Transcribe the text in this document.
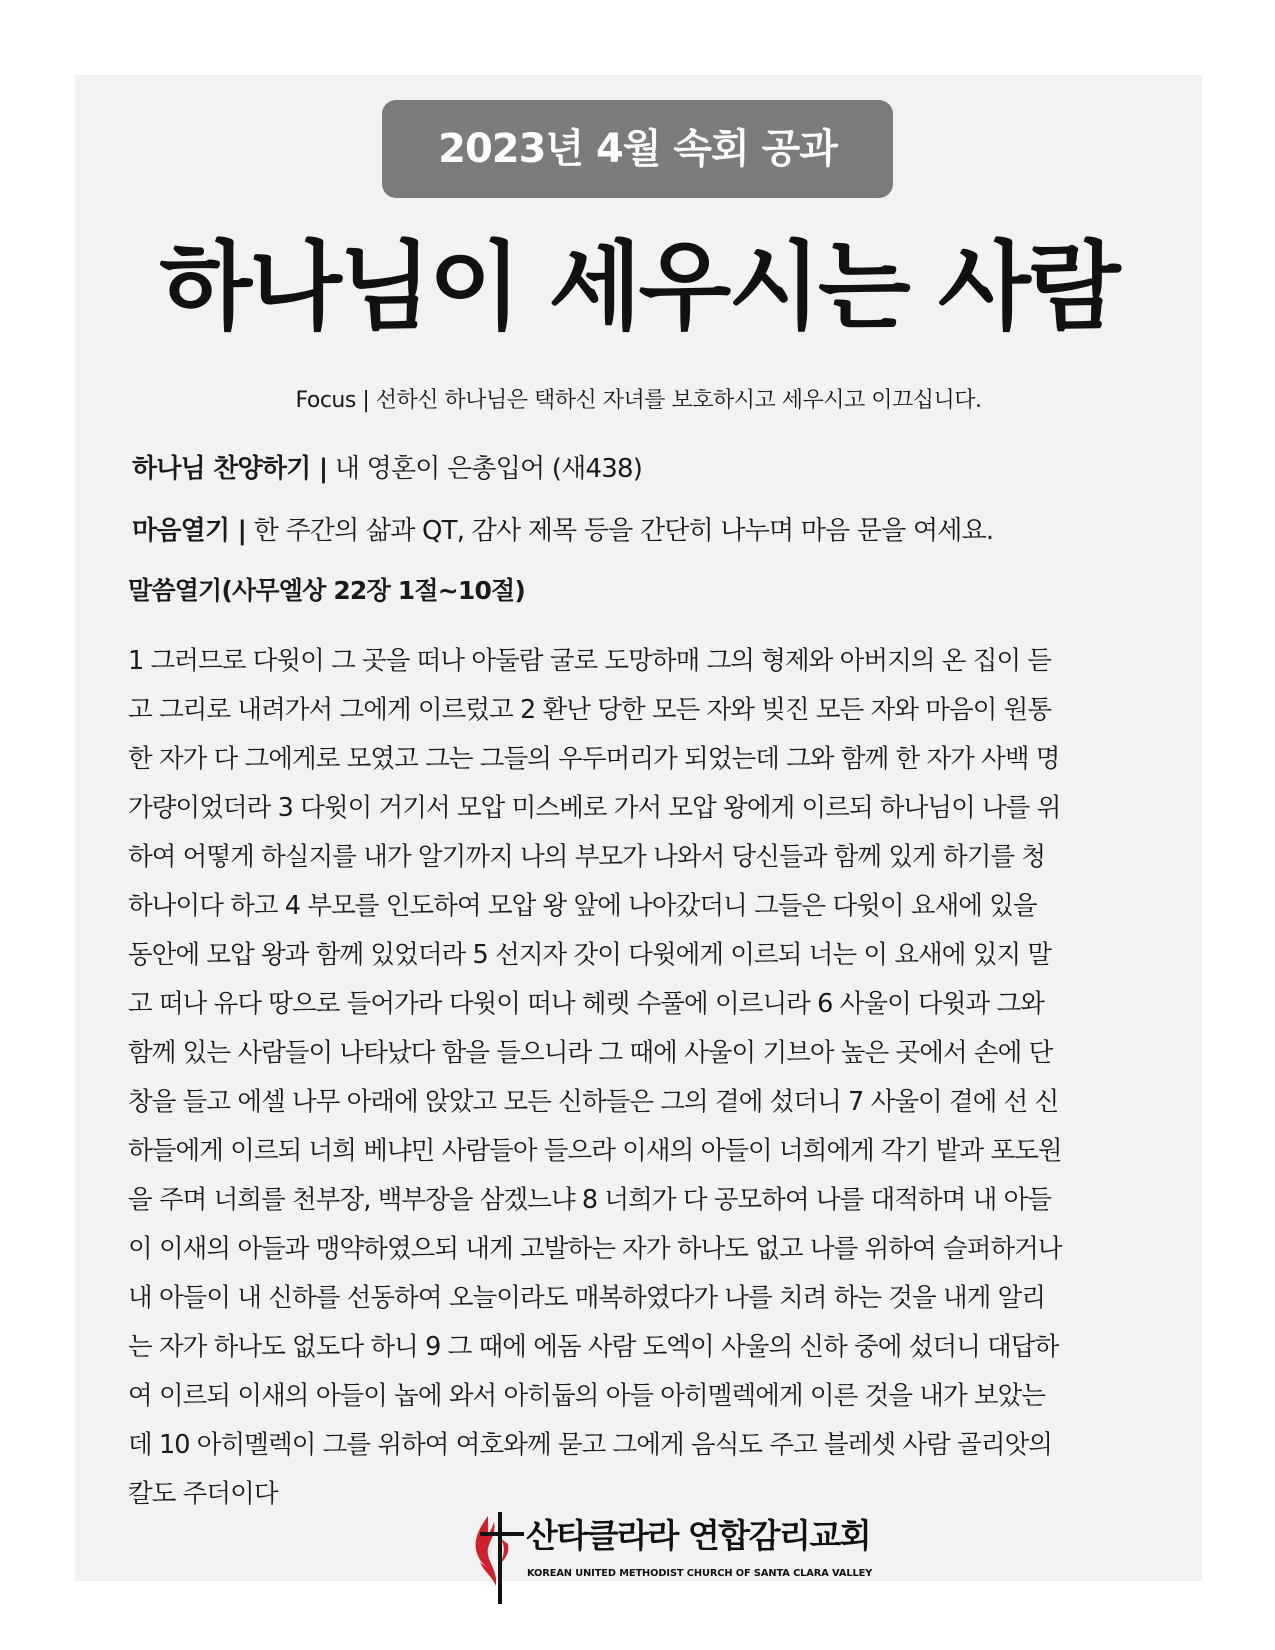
2023년 4월 속회 공과
하나님이 세우시는 사람
Focus | 선하신 하나님은 택하신 자녀를 보호하시고 세우시고 이끄십니다.
하나님 찬양하기 | 내 영혼이 은총입어 (새438)
마음열기 | 한 주간의 삶과 QT, 감사 제목 등을 간단히 나누며 마음 문을 여세요.
말씀열기(사무엘상 22장 1절~10절)
1 그러므로 다윗이 그 곳을 떠나 아둘람 굴로 도망하매 그의 형제와 아버지의 온 집이 듣
고 그리로 내려가서 그에게 이르렀고 2 환난 당한 모든 자와 빚진 모든 자와 마음이 원통
한 자가 다 그에게로 모였고 그는 그들의 우두머리가 되었는데 그와 함께 한 자가 사백 명
가량이었더라 3 다윗이 거기서 모압 미스베로 가서 모압 왕에게 이르되 하나님이 나를 위
하여 어떻게 하실지를 내가 알기까지 나의 부모가 나와서 당신들과 함께 있게 하기를 청
하나이다 하고 4 부모를 인도하여 모압 왕 앞에 나아갔더니 그들은 다윗이 요새에 있을
동안에 모압 왕과 함께 있었더라 5 선지자 갓이 다윗에게 이르되 너는 이 요새에 있지 말
고 떠나 유다 땅으로 들어가라 다윗이 떠나 헤렛 수풀에 이르니라 6 사울이 다윗과 그와
함께 있는 사람들이 나타났다 함을 들으니라 그 때에 사울이 기브아 높은 곳에서 손에 단
창을 들고 에셀 나무 아래에 앉았고 모든 신하들은 그의 곁에 섰더니 7 사울이 곁에 선 신
하들에게 이르되 너희 베냐민 사람들아 들으라 이새의 아들이 너희에게 각기 밭과 포도원
을 주며 너희를 천부장, 백부장을 삼겠느냐 8 너희가 다 공모하여 나를 대적하며 내 아들
이 이새의 아들과 맹약하였으되 내게 고발하는 자가 하나도 없고 나를 위하여 슬퍼하거나
내 아들이 내 신하를 선동하여 오늘이라도 매복하였다가 나를 치려 하는 것을 내게 알리
는 자가 하나도 없도다 하니 9 그 때에 에돔 사람 도엑이 사울의 신하 중에 섰더니 대답하
여 이르되 이새의 아들이 놉에 와서 아히둡의 아들 아히멜렉에게 이른 것을 내가 보았는
데 10 아히멜렉이 그를 위하여 여호와께 묻고 그에게 음식도 주고 블레셋 사람 골리앗의
칼도 주더이다
산타클라라 연합감리교회
KOREAN UNITED METHODIST CHURCH OF SANTA CLARA VALLEY
